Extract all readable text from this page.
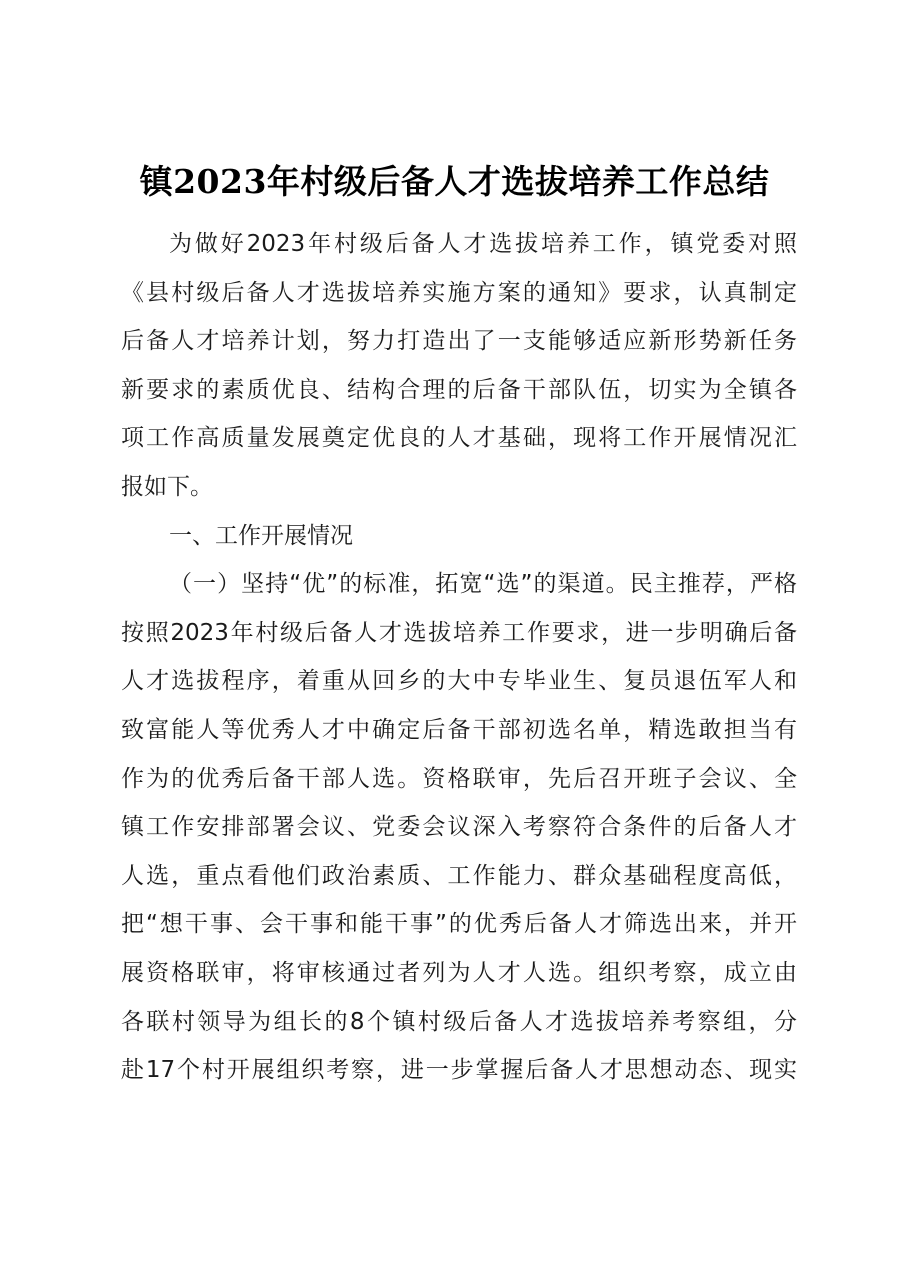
镇2023年村级后备人才选拔培养工作总结
为做好2023年村级后备人才选拔培养工作，镇党委对照
《县村级后备人才选拔培养实施方案的通知》要求，认真制定
后备人才培养计划，努力打造出了一支能够适应新形势新任务
新要求的素质优良、结构合理的后备干部队伍，切实为全镇各
项工作高质量发展奠定优良的人才基础，现将工作开展情况汇
报如下。
一、工作开展情况
（一）坚持“优”的标准，拓宽“选”的渠道。民主推荐，严格
按照2023年村级后备人才选拔培养工作要求，进一步明确后备
人才选拔程序，着重从回乡的大中专毕业生、复员退伍军人和
致富能人等优秀人才中确定后备干部初选名单，精选敢担当有
作为的优秀后备干部人选。资格联审，先后召开班子会议、全
镇工作安排部署会议、党委会议深入考察符合条件的后备人才
人选，重点看他们政治素质、工作能力、群众基础程度高低，
把“想干事、会干事和能干事”的优秀后备人才筛选出来，并开
展资格联审，将审核通过者列为人才人选。组织考察，成立由
各联村领导为组长的8个镇村级后备人才选拔培养考察组，分
赴17个村开展组织考察，进一步掌握后备人才思想动态、现实
